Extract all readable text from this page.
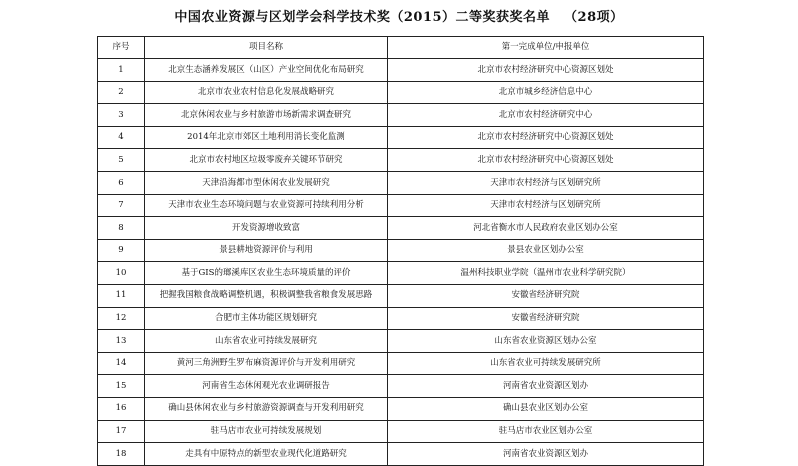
中国农业资源与区划学会科学技术奖（2015）二等奖获奖名单 （28项）
序号	项目名称	第一完成单位/申报单位
1	北京生态涵养发展区（山区）产业空间优化布局研究	北京市农村经济研究中心资源区划处
2	北京市农业农村信息化发展战略研究	北京市城乡经济信息中心
3	北京休闲农业与乡村旅游市场新需求调查研究	北京市农村经济研究中心
4	2014年北京市郊区土地利用消长变化监测	北京市农村经济研究中心资源区划处
5	北京市农村地区垃圾零废弃关键环节研究	北京市农村经济研究中心资源区划处
6	天津沿海都市型休闲农业发展研究	天津市农村经济与区划研究所
7	天津市农业生态环境问题与农业资源可持续利用分析	天津市农村经济与区划研究所
8	开发资源增收致富	河北省衡水市人民政府农业区划办公室
9	景县耕地资源评价与利用	景县农业区划办公室
10	基于GIS的瑯溪库区农业生态环境质量的评价	温州科技职业学院（温州市农业科学研究院）
11	把握我国粮食战略调整机遇，积极调整我省粮食发展思路	安徽省经济研究院
12	合肥市主体功能区规划研究	安徽省经济研究院
13	山东省农业可持续发展研究	山东省农业资源区划办公室
14	黄河三角洲野生罗布麻资源评价与开发利用研究	山东省农业可持续发展研究所
15	河南省生态休闲观光农业调研报告	河南省农业资源区划办
16	确山县休闲农业与乡村旅游资源调查与开发利用研究	确山县农业区划办公室
17	驻马店市农业可持续发展规划	驻马店市农业区划办公室
18	走具有中原特点的新型农业现代化道路研究	河南省农业资源区划办
